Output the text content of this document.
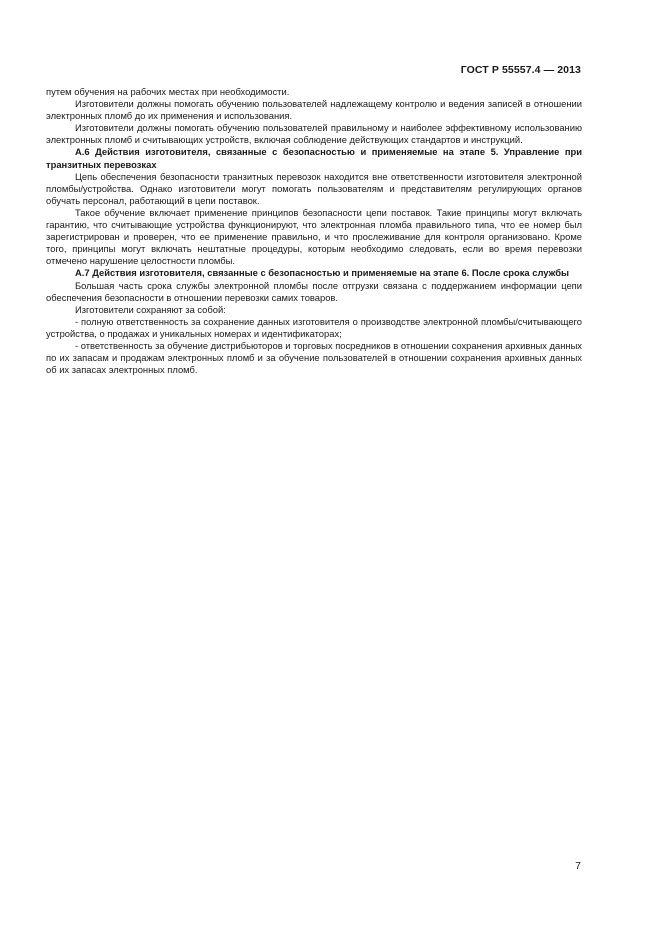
ГОСТ Р 55557.4 — 2013

путем обучения на рабочих местах при необходимости.

Изготовители должны помогать обучению пользователей надлежащему контролю и ведения записей в отношении электронных пломб до их применения и использования.

Изготовители должны помогать обучению пользователей правильному и наиболее эффективному использованию электронных пломб и считывающих устройств, включая соблюдение действующих стандартов и инструкций.

А.6 Действия изготовителя, связанные с безопасностью и применяемые на этапе 5. Управление при транзитных перевозках

Цепь обеспечения безопасности транзитных перевозок находится вне ответственности изготовителя электронной пломбы/устройства. Однако изготовители могут помогать пользователям и представителям регулирующих органов обучать персонал, работающий в цепи поставок.

Такое обучение включает применение принципов безопасности цепи поставок. Такие принципы могут включать гарантию, что считывающие устройства функционируют, что электронная пломба правильного типа, что ее номер был зарегистрирован и проверен, что ее применение правильно, и что прослеживание для контроля организовано. Кроме того, принципы могут включать нештатные процедуры, которым необходимо следовать, если во время перевозки отмечено нарушение целостности пломбы.

А.7 Действия изготовителя, связанные с безопасностью и применяемые на этапе 6. После срока службы

Большая часть срока службы электронной пломбы после отгрузки связана с поддержанием информации цепи обеспечения безопасности в отношении перевозки самих товаров.

Изготовители сохраняют за собой:

- полную ответственность за сохранение данных изготовителя о производстве электронной пломбы/считывающего устройства, о продажах и уникальных номерах и идентификаторах;

- ответственность за обучение дистрибьюторов и торговых посредников в отношении сохранения архивных данных по их запасам и продажам электронных пломб и за обучение пользователей в отношении сохранения архивных данных об их запасах электронных пломб.

7
